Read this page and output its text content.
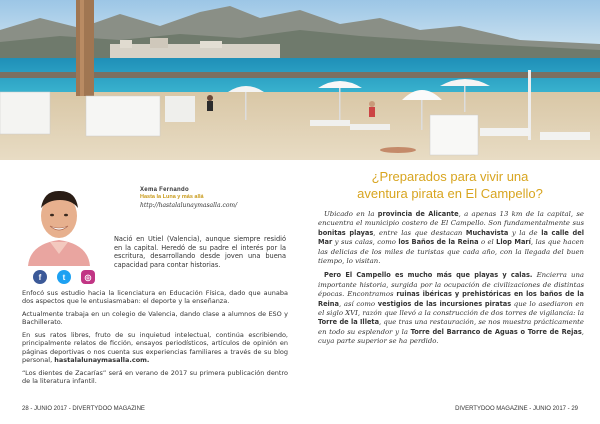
Xema Fernando
Hasta la Luna y más allá
http://hastalalunaymasalla.com/
Nació en Utiel (Valencia), aunque siempre residió en la capital. Heredó de su padre el interés por la escritura, desarrollando desde joven una buena capacidad para contar historias.
f	t	◎

Enfocó sus estudio hacia la licenciatura en Educación Física, dado que aunaba dos aspectos que le entusiasmaban: el deporte y la enseñanza.

Actualmente trabaja en un colegio de Valencia, dando clase a alumnos de ESO y Bachillerato.

En sus ratos libres, fruto de su inquietud intelectual, continúa escribiendo, principalmente relatos de ficción, ensayos periodísticos, artículos de opinión en páginas deportivas o nos cuenta sus experiencias familiares a través de su blog personal, hastalalunaymasalla.com.

“Los dientes de Zacarías” será en verano de 2017 su primera publicación dentro de la literatura infantil.

28 - JUNIO 2017 - DIVERTYDOO MAGAZINE
¿Preparados para vivir una
aventura pirata en El Campello?

Ubicado en la provincia de Alicante, a apenas 13 km de la capital, se encuentra el municipio costero de El Campello. Son fundamentalmente sus bonitas playas, entre las que destacan Muchavista y la de la calle del Mar y sus calas, como los Baños de la Reina o el Llop Marí, las que hacen las delicias de los miles de turistas que cada año, con la llegada del buen tiempo, lo visitan.

Pero El Campello es mucho más que playas y calas. Encierra una importante historia, surgida por la ocupación de civilizaciones de distintas épocas. Encontramos ruinas ibéricas y prehistóricas en los baños de la Reina, así como vestigios de las incursiones piratas que lo asediaron en el siglo XVI, razón que llevó a la construcción de dos torres de vigilancia: la Torre de la Illeta, que tras una restauración, se nos muestra prácticamente en todo su esplendor y la Torre del Barranco de Aguas o Torre de Rejas, cuya parte superior se ha perdido.

DIVERTYDOO MAGAZINE - JUNIO 2017 - 29
